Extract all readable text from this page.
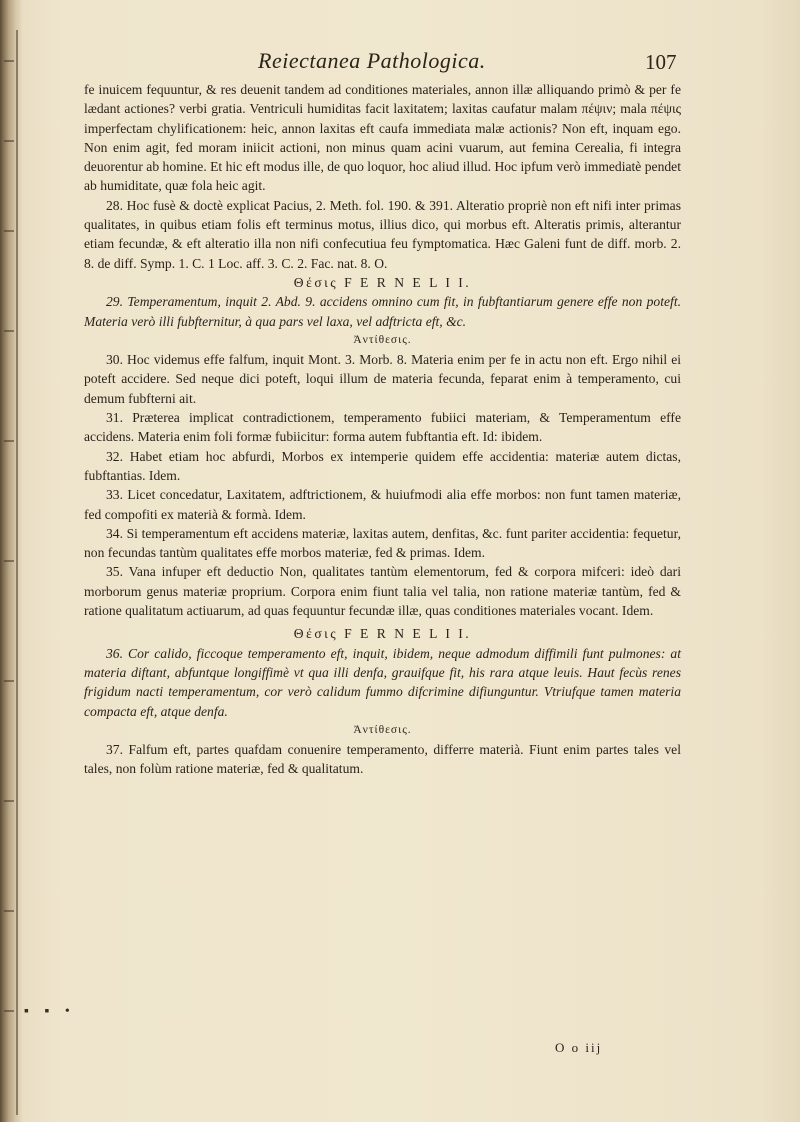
Reiectanea Pathologica.	107

fe inuicem fequuntur, & res deuenit tandem ad conditiones materiales, annon illæ alliquando primò & per fe lædant actiones? verbi gratia. Ventriculi humiditas facit laxitatem; laxitas caufatur malam πέψιν; mala πέψις imperfectam chylificationem: heic, annon laxitas eft caufa immediata malæ actionis? Non eft, inquam ego. Non enim agit, fed moram iniicit actioni, non minus quam acini vuarum, aut femina Cerealia, fi integra deuorentur ab homine. Et hic eft modus ille, de quo loquor, hoc aliud illud. Hoc ipfum verò immediatè pendet ab humiditate, quæ fola heic agit.

28. Hoc fusè & doctè explicat Pacius, 2. Meth. fol. 190. & 391. Alteratio propriè non eft nifi inter primas qualitates, in quibus etiam folis eft terminus motus, illius dico, qui morbus eft. Alteratis primis, alterantur etiam fecundæ, & eft alteratio illa non nifi confecutiua feu fymptomatica. Hæc Galeni funt de diff. morb. 2. 8. de diff. Symp. 1. C. 1 Loc. aff. 3. C. 2. Fac. nat. 8. O.

Θέσις F E R N E L I I.

29. Temperamentum, inquit 2. Abd. 9. accidens omnino cum fit, in fubftantiarum genere effe non poteft. Materia verò illi fubfternitur, à qua pars vel laxa, vel adftricta eft, &c.

Ἀντίθεσις.

30. Hoc videmus effe falfum, inquit Mont. 3. Morb. 8. Materia enim per fe in actu non eft. Ergo nihil ei poteft accidere. Sed neque dici poteft, loqui illum de materia fecunda, feparat enim à temperamento, cui demum fubfterni ait.

31. Præterea implicat contradictionem, temperamento fubiici materiam, & Temperamentum effe accidens. Materia enim foli formæ fubiicitur: forma autem fubftantia eft. Id: ibidem.

32. Habet etiam hoc abfurdi, Morbos ex intemperie quidem effe accidentia: materiæ autem dictas, fubftantias. Idem.

33. Licet concedatur, Laxitatem, adftrictionem, & huiufmodi alia effe morbos: non funt tamen materiæ, fed compofiti ex materià & formà. Idem.

34. Si temperamentum eft accidens materiæ, laxitas autem, denfitas, &c. funt pariter accidentia: fequetur, non fecundas tantùm qualitates effe morbos materiæ, fed & primas. Idem.

35. Vana infuper eft deductio Non, qualitates tantùm elementorum, fed & corpora mifceri: ideò dari morborum genus materiæ proprium. Corpora enim fiunt talia vel talia, non ratione materiæ tantùm, fed & ratione qualitatum actiuarum, ad quas fequuntur fecundæ illæ, quas conditiones materiales vocant. Idem.

Θέσις F E R N E L I I.

36. Cor calido, ficcoque temperamento eft, inquit, ibidem, neque admodum diffimili funt pulmones: at materia diftant, abfuntque longiffimè vt qua illi denfa, grauifque fit, his rara atque leuis. Haut fecùs renes frigidum nacti temperamentum, cor verò calidum fummo difcrimine difiunguntur. Vtriufque tamen materia compacta eft, atque denfa.

Ἀντίθεσις.

37. Falfum eft, partes quafdam conuenire temperamento, differre materià. Fiunt enim partes tales vel tales, non folùm ratione materiæ, fed & qualitatum.

▪ ▪ •
O o iij
